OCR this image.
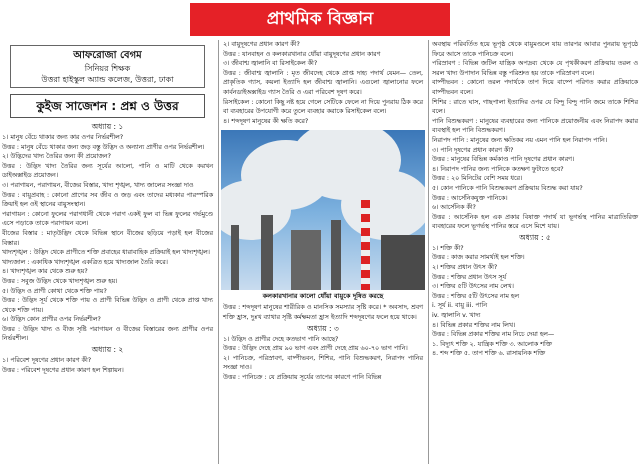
প্রাথমিক বিজ্ঞান
আফরোজা বেগম
সিনিয়র শিক্ষক
উত্তরা হাইস্কুল অ্যান্ড কলেজ, উত্তরা, ঢাকা
কুইজ সাজেশন : প্রশ্ন ও উত্তর
অধ্যায় : ১

১। মানুষ বেঁচে থাকার জন্য কার ওপর নির্ভরশীল?

উত্তর : মানুষ বেঁচে থাকার জন্য জড় বস্তু উদ্ভিদ ও অন্যান্য প্রাণীর ওপর নির্ভরশীল।

২। উদ্ভিদের খাদ্য তৈরির জন্য কী প্রয়োজন?

উত্তর : উদ্ভিদ খাদ্য তৈরির জন্য সূর্যের আলো, পানি ও মাটি থেকে করখন ডাইঅক্সাইড প্রয়োজন।

৩। পরাগায়ন, পরাগায়ন, বীজের বিস্তার, খাদ্য শৃঙ্খল, খাদ্য জালের সংজ্ঞা দাও

উত্তর : বায়ুপ্রবাহ : কোনো প্রাণের সব জীব ও জড় এবং তাদের মধ্যকার পারস্পরিক ক্রিয়াই হল ওই স্থানের বায়ুসংস্থান।

পরাগায়ন : কোনো ফুলের পরাগধানী থেকে পরাগ একই ফুল বা ভিন্ন ফুলের গর্ভমুণ্ডে এসে পড়াকে তাকে পরাগায়ন বলে।

বীজের বিস্তার : মাতৃউদ্ভিদ থেকে বিভিন্ন স্থানে বীজের ছড়িয়ে পড়াই হল বীজের বিস্তার।

খাদ্যশৃঙ্খল : উদ্ভিদ থেকে প্রাণীতে শক্তি প্রবাহের ধারাবাহিক প্রক্রিয়াই হল খাদ্যশৃঙ্খল।

খাদ্যজাল : একাধিক খাদ্যশৃঙ্খল একত্রিত হয়ে খাদ্যজাল তৈরি করে।

৪। খাদ্যশৃঙ্খল কার থেকে শুরু হয়?

উত্তর : সবুজ উদ্ভিদ থেকে খাদ্যশৃঙ্খল শুরু হয়।

৫। উদ্ভিদ ও প্রাণী কোথা থেকে শক্তি পায়?

উত্তর : উদ্ভিদ সূর্য থেকে শক্তি পায় ও প্রাণী বিভিন্ন উদ্ভিদ ও প্রাণী থেকে প্রাপ্ত খাদ্য থেকে শক্তি পায়।

৬। উদ্ভিদ কোন প্রাণীর ওপর নির্ভরশীল?

উত্তর : উদ্ভিদ খাদ্য ও বীজ সৃষ্টি পরাগায়ন ও বীজের বিস্তারের জন্য প্রাণীর ওপর নির্ভরশীল।

অধ্যায় : ২

১। পরিবেশ দূষণের প্রধান কারণ কী?

উত্তর : পরিবেশ দূষণের প্রধান কারণ হল শিল্পায়ন।

২। বায়ুদূষণের প্রধান কারণ কী?

উত্তর : যানবাহন ও কলকারখানার ধোঁয়া বায়ুদূষণের প্রধান কারণ

৩। জীবাশ্ম জ্বালানি বা রিসাইকেল কী?

উত্তর : জীবাশ্ম জ্বালানি : মৃত জীবদেহ থেকে প্রাপ্ত দাহ্য পদার্থ যেমন— তেল, প্রাকৃতিক গ্যাস, কয়লা ইত্যাদি হল জীবাশ্ম জ্বালানি। এগুলো জ্বালানোর ফলে কার্বনডাইঅক্সাইড গ্যাস তৈরি ও এরা পরিবেশ দূষণ করে।

রিসাইকেল : কোনো কিছু নষ্ট হয়ে গেলে সেটিকে ফেলে না দিয়ে পুনরায় ঠিক করে বা ব্যবহারের উপযোগী করে তুলে ব্যবহার করাকে রিসাইকেল বলে।

৪। শব্দদূষণ মানুষের কী ক্ষতি করে?

কলকারখানার কালো ধোঁয়া বায়ুকে দূষিত করছে

উত্তর : শব্দদূষণ মানুষের শারীরিক ও মানসিক সমস্যার সৃষ্টি করে। * অবসাদ, শ্রবণ শক্তি হ্রাস, দুঃখ ব্যাথার সৃষ্টি কর্মক্ষমতা হ্রাস ইত্যাদি শব্দদূষণের ফলে হয়ে থাকে।

অধ্যায় : ৩

১। উদ্ভিদ ও প্রাণীর দেহে কতভাগ পানি আছে?

উত্তর : উদ্ভিদ দেহে প্রায় ৯০ ভাগ এবং প্রাণী দেহে প্রায় ৬০-৭০ ভাগ পানি।

২। পানিচক্র, পরিস্রাবণ, বাষ্পীভবন, শিশির, পানি বিশুদ্ধকরণ, নিরাপদ পানির সংজ্ঞা দাও।

উত্তর : পানিচক্র : যে প্রক্রিয়ায় সূর্যের তাপের কারণে পানি বিভিন্ন

অবস্থায় পরিবর্তিত হয়ে ভূপৃষ্ঠ থেকে বায়ুমণ্ডলে যায় তারপর আবার পুনরায় ভূপৃষ্ঠে ফিরে আসে তাকে পানিচক্র বলে।

পরিস্রাবণ : বিভিন্ন জটিল যান্ত্রিক অপদ্রব্য থেকে যে পৃথকীকরণ প্রক্রিয়ায় তরল ও সরল খাদ্য উপাদান বিভিন্ন বস্তু পরিশ্রুত হয় তাকে পরিস্রাবণ বলে।

বাষ্পীভবন : কোনো তরল পদার্থকে তাপ দিয়ে বাষ্পে পরিণত করার প্রক্রিয়াকে বাষ্পীভবন বলে।

শিশির : রাতে ঘাস, গাছপালা ইত্যাদির ওপর যে বিন্দু বিন্দু পানি জমে তাকে শিশির বলে।

পানি বিশুদ্ধকরণ : মানুষের ব্যবহারের জন্য পানিকে প্রয়োজনীয় এবং নিরাপদ করার ব্যবস্থাই হল পানি বিশুদ্ধকরণ।

নিরাপদ পানি : মানুষের জন্য ক্ষতিকর নয় এমন পানি হল নিরাপদ পানি।

৩। পানি দূষণের প্রধান কারণ কী?

উত্তর : মানুষের বিভিন্ন কর্মকাণ্ড পানি দূষণের প্রধান কারণ।

৪। নিরাপদ পানির জন্য পানিকে কতক্ষণ ফুটাতে হবে?

উত্তর : ২০ মিনিটের বেশি সময় ধরে।

৫। কোন পানিকে পানি বিশুদ্ধকরণ প্রক্রিয়ায় বিশুদ্ধ করা যায়?

উত্তর : আর্সেনিকযুক্ত পানিকে।

৬। আর্সেনিক কী?

উত্তর : আর্সেনিক হল এক প্রকার বিষাক্ত পদার্থ যা ভূগর্ভস্থ পানির মাত্রাতিরিক্ত ব্যবহারের ফলে ভূগর্ভস্থ পানির স্তরে এসে মিশে যায়।

অধ্যায় : ৫

১। শক্তি কী?

উত্তর : কাজ করার সামর্থ্যই হল শক্তি।

২। শক্তির প্রধান উৎস কী?

উত্তর : শক্তির প্রধান উৎস সূর্য

৩। শক্তির ৫টি উৎসের নাম লেখ।

উত্তর : শক্তির ৫টি উৎসের নাম হল

i. সূর্য ii. বায়ু iii. পানি

iv. জ্বালানি v. খাদ্য

৪। বিভিন্ন প্রকার শক্তির নাম লিখ।

উত্তর : বিভিন্ন প্রকার শক্তির নাম নিচে দেয়া হল—

১. বিদ্যুৎ শক্তি ২. যান্ত্রিক শক্তি ৩. আলোক শক্তি

৪. শব্দ শক্তি ৫. তাপ শক্তি ৬. রাসায়নিক শক্তি
